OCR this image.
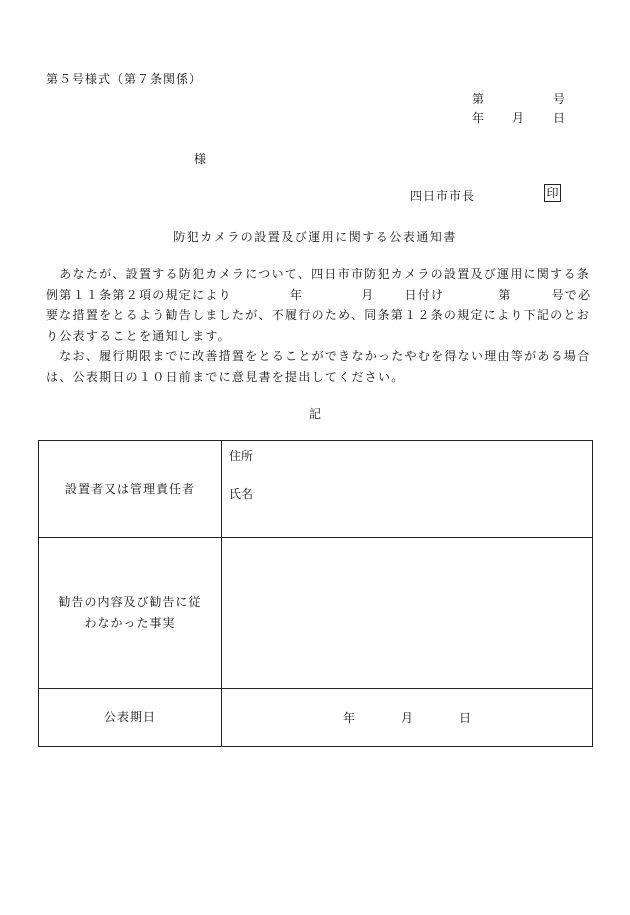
第５号様式（第７条関係）
第	号
年 月 日
様
四日市市長	印
防犯カメラの設置及び運用に関する公表通知書

　あなたが、設置する防犯カメラについて、四日市市防犯カメラの設置及び運用に関する条

例第１１条第２項の規定により	年	月	日付け	第	号で必

要な措置をとるよう勧告しましたが、不履行のため、同条第１２条の規定により下記のとお

り公表することを通知します。

　なお、履行期限までに改善措置をとることができなかったやむを得ない理由等がある場合

は、公表期日の１０日前までに意見書を提出してください。

記
設置者又は管理責任者	住所
氏名

勧告の内容及び勧告に従
わなかった事実	

公表期日	年 月 日
